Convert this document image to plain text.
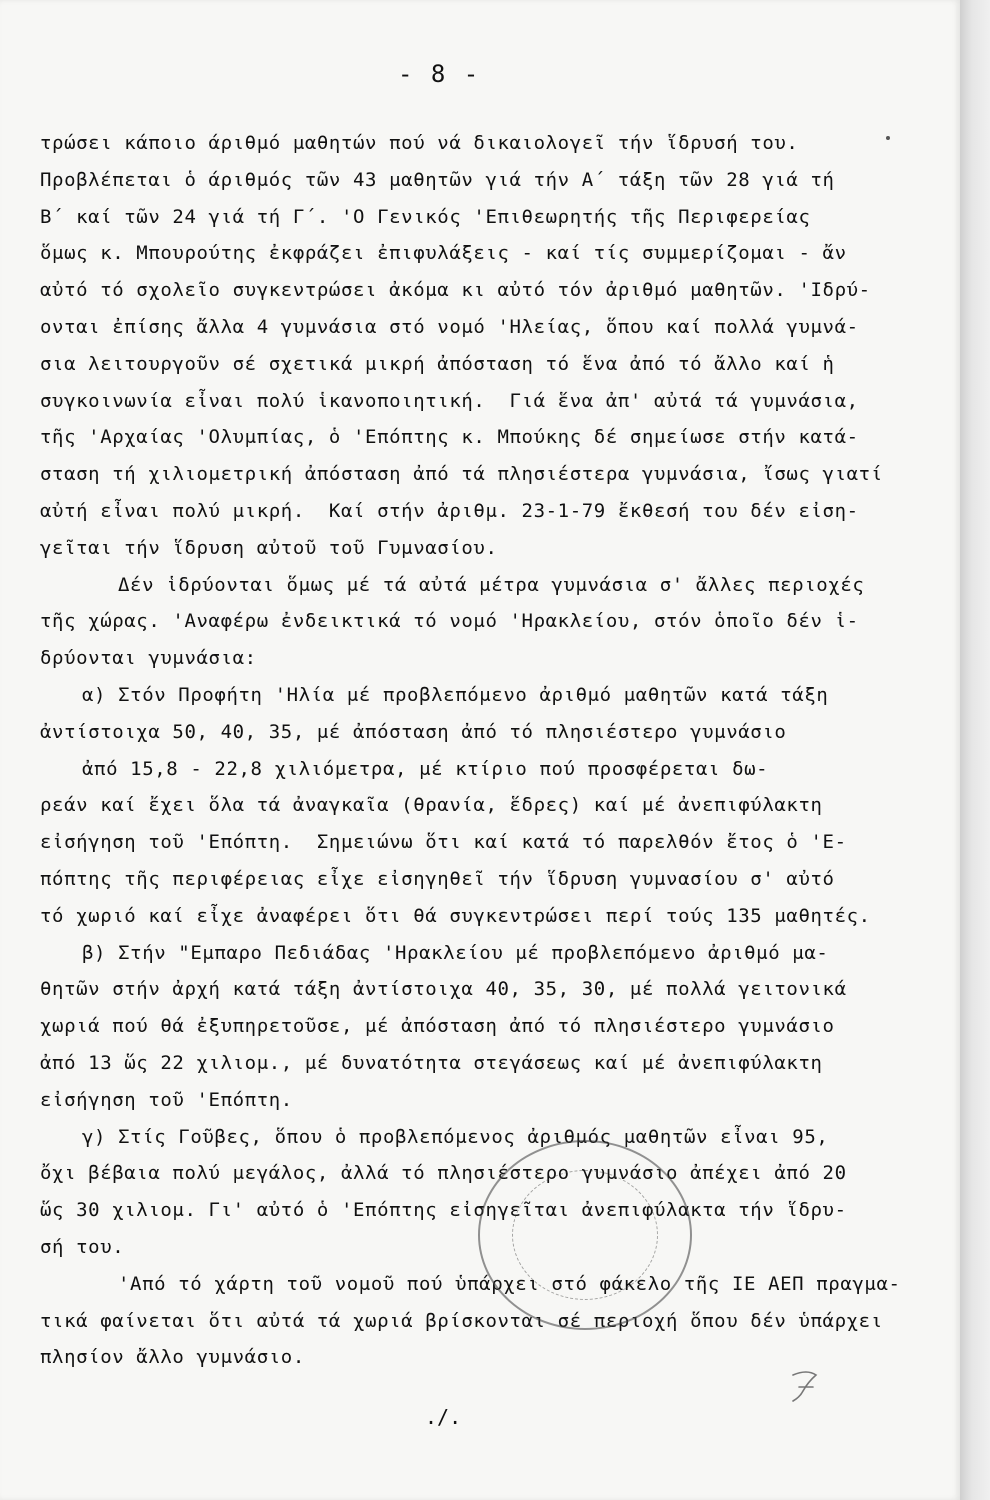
- 8 -
τρώσει κάποιο άριθμό μαθητών πού νά δικαιολογεῖ τήν ἵδρυσή του.
Προβλέπεται ὁ άριθμός τῶν 43 μαθητῶν γιά τήν Α΄ τάξη τῶν 28 γιά τή
Β΄ καί τῶν 24 γιά τή Γ΄. 'Ο Γενικός 'Επιθεωρητής τῆς Περιφερείας
ὅμως κ. Μπουρούτης ἐκφράζει ἐπιφυλάξεις - καί τίς συμμερίζομαι - ἄν
αὐτό τό σχολεῖο συγκεντρώσει ἀκόμα κι αὐτό τόν ἀριθμό μαθητῶν. 'Ιδρύ-
ονται ἐπίσης ἄλλα 4 γυμνάσια στό νομό 'Ηλείας, ὅπου καί πολλά γυμνά-
σια λειτουργοῦν σέ σχετικά μικρή ἀπόσταση τό ἕνα ἀπό τό ἄλλο καί ἡ
συγκοινωνία εἶναι πολύ ἱκανοποιητική.  Γιά ἕνα ἀπ' αὐτά τά γυμνάσια,
τῆς 'Αρχαίας 'Ολυμπίας, ὁ 'Επόπτης κ. Μπούκης δέ σημείωσε στήν κατά-
σταση τή χιλιομετρική ἀπόσταση ἀπό τά πλησιέστερα γυμνάσια, ἴσως γιατί
αὐτή εἶναι πολύ μικρή.  Καί στήν ἀριθμ. 23-1-79 ἔκθεσή του δέν εἰση-
γεῖται τήν ἵδρυση αὐτοῦ τοῦ Γυμνασίου.
Δέν ἱδρύονται ὅμως μέ τά αὐτά μέτρα γυμνάσια σ' ἄλλες περιοχές
τῆς χώρας. 'Αναφέρω ἐνδεικτικά τό νομό 'Ηρακλείου, στόν ὁποῖο δέν ἱ-
δρύονται γυμνάσια:
α) Στόν Προφήτη 'Ηλία μέ προβλεπόμενο ἀριθμό μαθητῶν κατά τάξη
ἀντίστοιχα 50, 40, 35, μέ ἀπόσταση ἀπό τό πλησιέστερο γυμνάσιο
ἀπό 15,8 - 22,8 χιλιόμετρα, μέ κτίριο πού προσφέρεται δω-
ρεάν καί ἔχει ὅλα τά ἀναγκαῖα (θρανία, ἕδρες) καί μέ ἀνεπιφύλακτη
εἰσήγηση τοῦ 'Επόπτη.  Σημειώνω ὅτι καί κατά τό παρελθόν ἔτος ὁ 'Ε-
πόπτης τῆς περιφέρειας εἶχε εἰσηγηθεῖ τήν ἵδρυση γυμνασίου σ' αὐτό
τό χωριό καί εἶχε ἀναφέρει ὅτι θά συγκεντρώσει περί τούς 135 μαθητές.
β) Στήν "Εμπαρο Πεδιάδας 'Ηρακλείου μέ προβλεπόμενο ἀριθμό μα-
θητῶν στήν ἀρχή κατά τάξη ἀντίστοιχα 40, 35, 30, μέ πολλά γειτονικά
χωριά πού θά ἐξυπηρετοῦσε, μέ ἀπόσταση ἀπό τό πλησιέστερο γυμνάσιο
ἀπό 13 ὥς 22 χιλιομ., μέ δυνατότητα στεγάσεως καί μέ ἀνεπιφύλακτη
εἰσήγηση τοῦ 'Επόπτη.
γ) Στίς Γοῦβες, ὅπου ὁ προβλεπόμενος ἀριθμός μαθητῶν εἶναι 95,
ὄχι βέβαια πολύ μεγάλος, ἀλλά τό πλησιέστερο γυμνάσιο ἀπέχει ἀπό 20
ὥς 30 χιλιομ. Γι' αὐτό ὁ 'Επόπτης εἰσηγεῖται ἀνεπιφύλακτα τήν ἵδρυ-
σή του.
'Από τό χάρτη τοῦ νομοῦ πού ὑπάρχει στό φάκελο τῆς ΙΕ ΑΕΠ πραγμα-
τικά φαίνεται ὅτι αὐτά τά χωριά βρίσκονται σέ περιοχή ὅπου δέν ὑπάρχει
πλησίον ἄλλο γυμνάσιο.
./.
